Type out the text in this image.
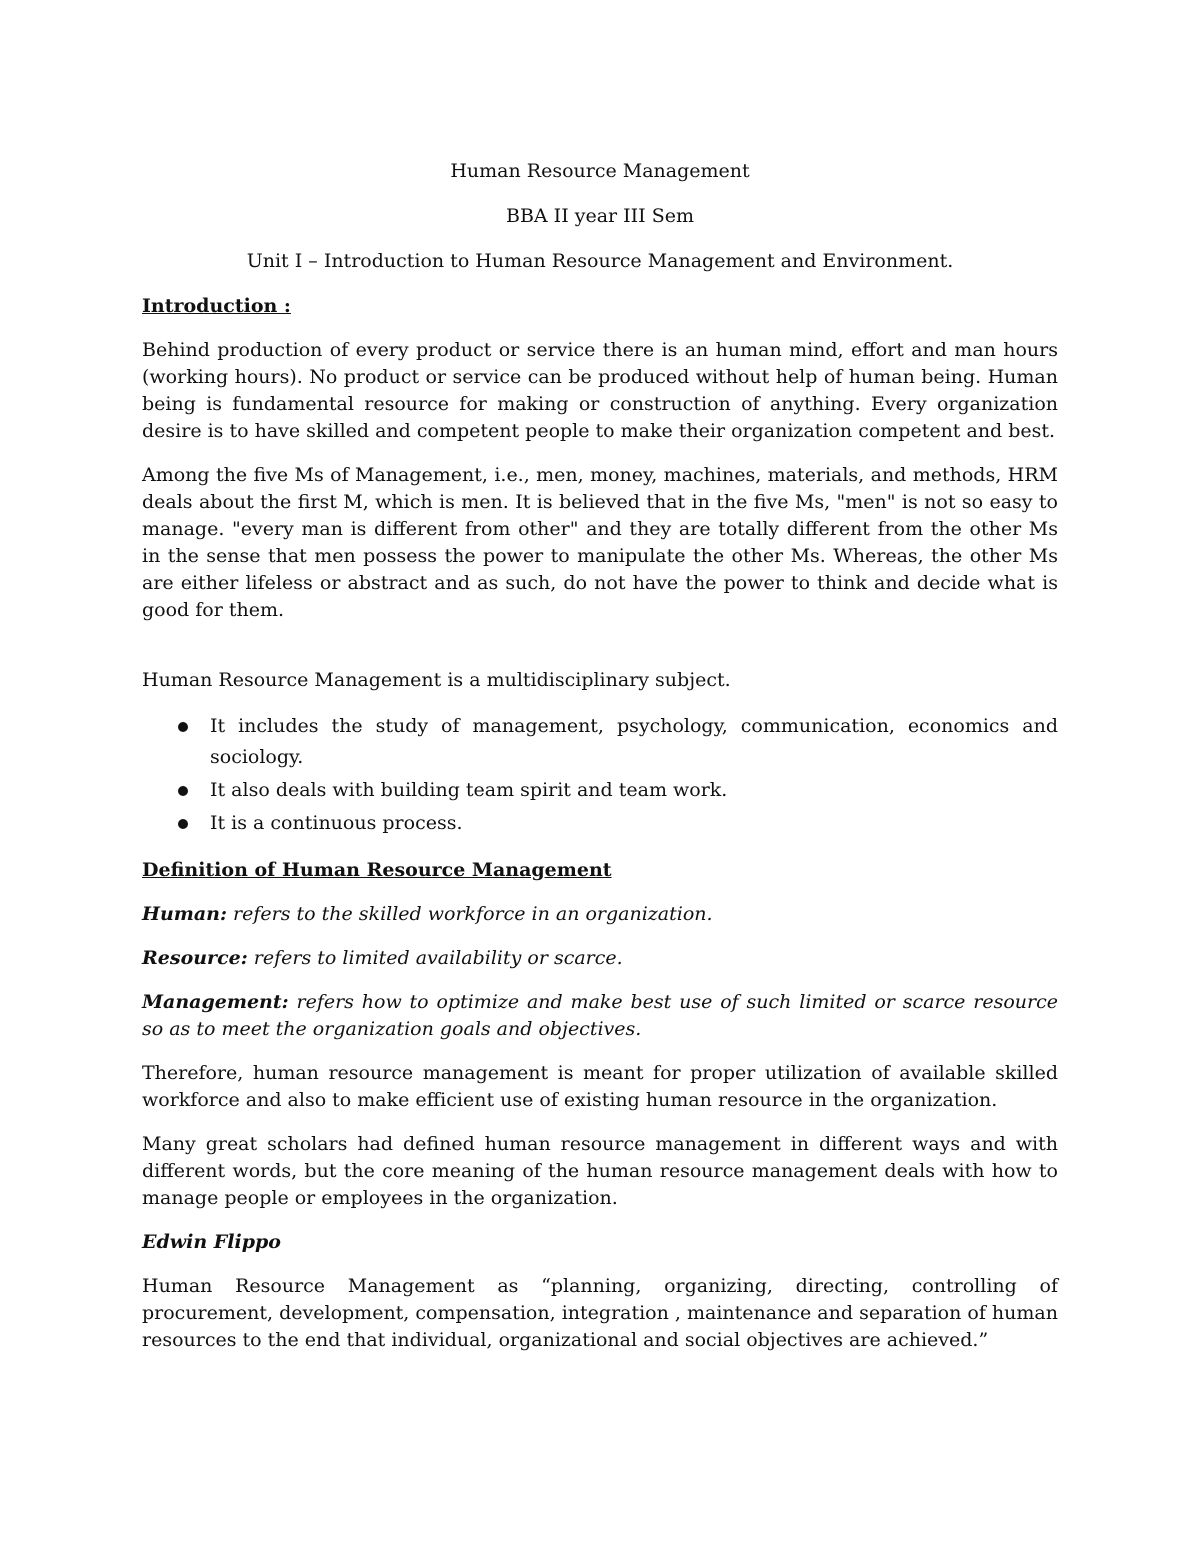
Human Resource Management
BBA II year III Sem
Unit I – Introduction to Human Resource Management and Environment.
Introduction :

Behind production of every product or service there is an human mind, effort and man hours (working hours). No product or service can be produced without help of human being. Human being is fundamental resource for making or construction of anything. Every organization desire is to have skilled and competent people to make their organization competent and best.

Among the five Ms of Management, i.e., men, money, machines, materials, and methods, HRM deals about the first M, which is men. It is believed that in the five Ms, "men" is not so easy to manage. "every man is different from other" and they are totally different from the other Ms in the sense that men possess the power to manipulate the other Ms. Whereas, the other Ms are either lifeless or abstract and as such, do not have the power to think and decide what is good for them.

Human Resource Management is a multidisciplinary subject.

It includes the study of management, psychology, communication, economics and sociology.
It also deals with building team spirit and team work.
It is a continuous process.
Definition of Human Resource Management

Human: refers to the skilled workforce in an organization.

Resource: refers to limited availability or scarce.

Management: refers how to optimize and make best use of such limited or scarce resource so as to meet the organization goals and objectives.

Therefore, human resource management is meant for proper utilization of available skilled workforce and also to make efficient use of existing human resource in the organization.

Many great scholars had defined human resource management in different ways and with different words, but the core meaning of the human resource management deals with how to manage people or employees in the organization.

Edwin Flippo

Human Resource Management as “planning, organizing, directing, controlling of procurement, development, compensation, integration , maintenance and separation of human resources to the end that individual, organizational and social objectives are achieved.”
